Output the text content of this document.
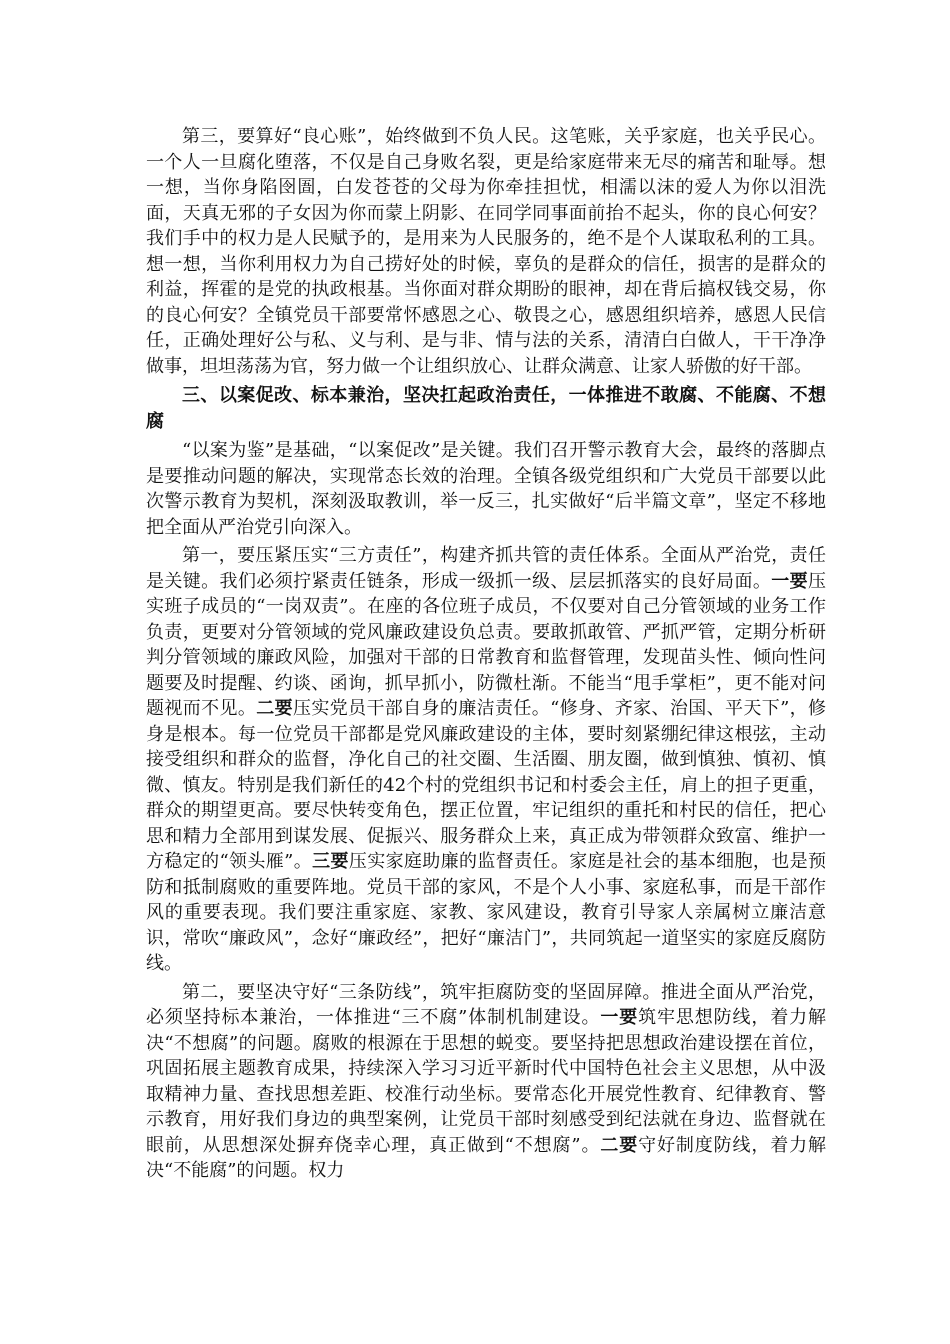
第三，要算好“良心账”，始终做到不负人民。这笔账，关乎家庭，也关乎民心。一个人一旦腐化堕落，不仅是自己身败名裂，更是给家庭带来无尽的痛苦和耻辱。想一想，当你身陷囹圄，白发苍苍的父母为你牵挂担忧，相濡以沫的爱人为你以泪洗面，天真无邪的子女因为你而蒙上阴影、在同学同事面前抬不起头，你的良心何安？我们手中的权力是人民赋予的，是用来为人民服务的，绝不是个人谋取私利的工具。想一想，当你利用权力为自己捞好处的时候，辜负的是群众的信任，损害的是群众的利益，挥霍的是党的执政根基。当你面对群众期盼的眼神，却在背后搞权钱交易，你的良心何安？全镇党员干部要常怀感恩之心、敬畏之心，感恩组织培养，感恩人民信任，正确处理好公与私、义与利、是与非、情与法的关系，清清白白做人，干干净净做事，坦坦荡荡为官，努力做一个让组织放心、让群众满意、让家人骄傲的好干部。

三、以案促改、标本兼治，坚决扛起政治责任，一体推进不敢腐、不能腐、不想腐

“以案为鉴”是基础，“以案促改”是关键。我们召开警示教育大会，最终的落脚点是要推动问题的解决，实现常态长效的治理。全镇各级党组织和广大党员干部要以此次警示教育为契机，深刻汲取教训，举一反三，扎实做好“后半篇文章”，坚定不移地把全面从严治党引向深入。

第一，要压紧压实“三方责任”，构建齐抓共管的责任体系。全面从严治党，责任是关键。我们必须拧紧责任链条，形成一级抓一级、层层抓落实的良好局面。一要压实班子成员的“一岗双责”。在座的各位班子成员，不仅要对自己分管领域的业务工作负责，更要对分管领域的党风廉政建设负总责。要敢抓敢管、严抓严管，定期分析研判分管领域的廉政风险，加强对干部的日常教育和监督管理，发现苗头性、倾向性问题要及时提醒、约谈、函询，抓早抓小，防微杜渐。不能当“甩手掌柜”，更不能对问题视而不见。二要压实党员干部自身的廉洁责任。“修身、齐家、治国、平天下”，修身是根本。每一位党员干部都是党风廉政建设的主体，要时刻紧绷纪律这根弦，主动接受组织和群众的监督，净化自己的社交圈、生活圈、朋友圈，做到慎独、慎初、慎微、慎友。特别是我们新任的42个村的党组织书记和村委会主任，肩上的担子更重，群众的期望更高。要尽快转变角色，摆正位置，牢记组织的重托和村民的信任，把心思和精力全部用到谋发展、促振兴、服务群众上来，真正成为带领群众致富、维护一方稳定的“领头雁”。三要压实家庭助廉的监督责任。家庭是社会的基本细胞，也是预防和抵制腐败的重要阵地。党员干部的家风，不是个人小事、家庭私事，而是干部作风的重要表现。我们要注重家庭、家教、家风建设，教育引导家人亲属树立廉洁意识，常吹“廉政风”，念好“廉政经”，把好“廉洁门”，共同筑起一道坚实的家庭反腐防线。

第二，要坚决守好“三条防线”，筑牢拒腐防变的坚固屏障。推进全面从严治党，必须坚持标本兼治，一体推进“三不腐”体制机制建设。一要筑牢思想防线，着力解决“不想腐”的问题。腐败的根源在于思想的蜕变。要坚持把思想政治建设摆在首位，巩固拓展主题教育成果，持续深入学习习近平新时代中国特色社会主义思想，从中汲取精神力量、查找思想差距、校准行动坐标。要常态化开展党性教育、纪律教育、警示教育，用好我们身边的典型案例，让党员干部时刻感受到纪法就在身边、监督就在眼前，从思想深处摒弃侥幸心理，真正做到“不想腐”。二要守好制度防线，着力解决“不能腐”的问题。权力
